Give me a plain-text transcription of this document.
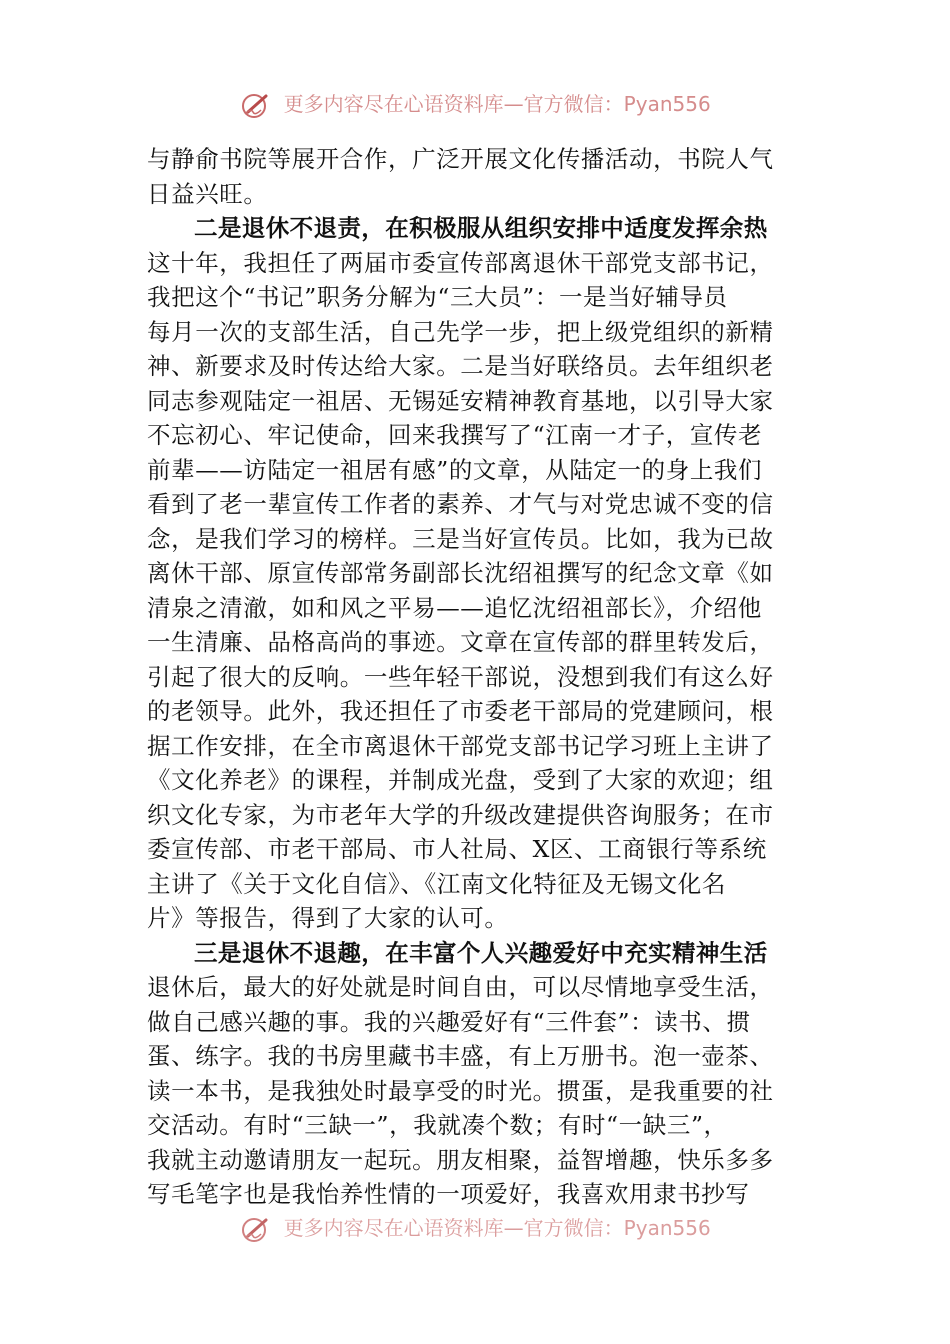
更多内容尽在心语资料库—官方微信：Pyan556
与静俞书院等展开合作，广泛开展文化传播活动，书院人气
日益兴旺。
二是退休不退责，在积极服从组织安排中适度发挥余热
这十年，我担任了两届市委宣传部离退休干部党支部书记，
我把这个“书记”职务分解为“三大员”：一是当好辅导员
每月一次的支部生活，自己先学一步，把上级党组织的新精
神、新要求及时传达给大家。二是当好联络员。去年组织老
同志参观陆定一祖居、无锡延安精神教育基地，以引导大家
不忘初心、牢记使命，回来我撰写了“江南一才子，宣传老
前辈——访陆定一祖居有感”的文章，从陆定一的身上我们
看到了老一辈宣传工作者的素养、才气与对党忠诚不变的信
念，是我们学习的榜样。三是当好宣传员。比如，我为已故
离休干部、原宣传部常务副部长沈绍祖撰写的纪念文章《如
清泉之清澈，如和风之平易——追忆沈绍祖部长》，介绍他
一生清廉、品格高尚的事迹。文章在宣传部的群里转发后，
引起了很大的反响。一些年轻干部说，没想到我们有这么好
的老领导。此外，我还担任了市委老干部局的党建顾问，根
据工作安排，在全市离退休干部党支部书记学习班上主讲了
《文化养老》的课程，并制成光盘，受到了大家的欢迎；组
织文化专家，为市老年大学的升级改建提供咨询服务；在市
委宣传部、市老干部局、市人社局、X区、工商银行等系统
主讲了《关于文化自信》、《江南文化特征及无锡文化名
片》等报告，得到了大家的认可。
三是退休不退趣，在丰富个人兴趣爱好中充实精神生活
退休后，最大的好处就是时间自由，可以尽情地享受生活，
做自己感兴趣的事。我的兴趣爱好有“三件套”：读书、掼
蛋、练字。我的书房里藏书丰盛，有上万册书。泡一壶茶、
读一本书，是我独处时最享受的时光。掼蛋，是我重要的社
交活动。有时“三缺一”，我就凑个数；有时“一缺三”，
我就主动邀请朋友一起玩。朋友相聚，益智增趣，快乐多多
写毛笔字也是我怡养性情的一项爱好，我喜欢用隶书抄写
更多内容尽在心语资料库—官方微信：Pyan556
